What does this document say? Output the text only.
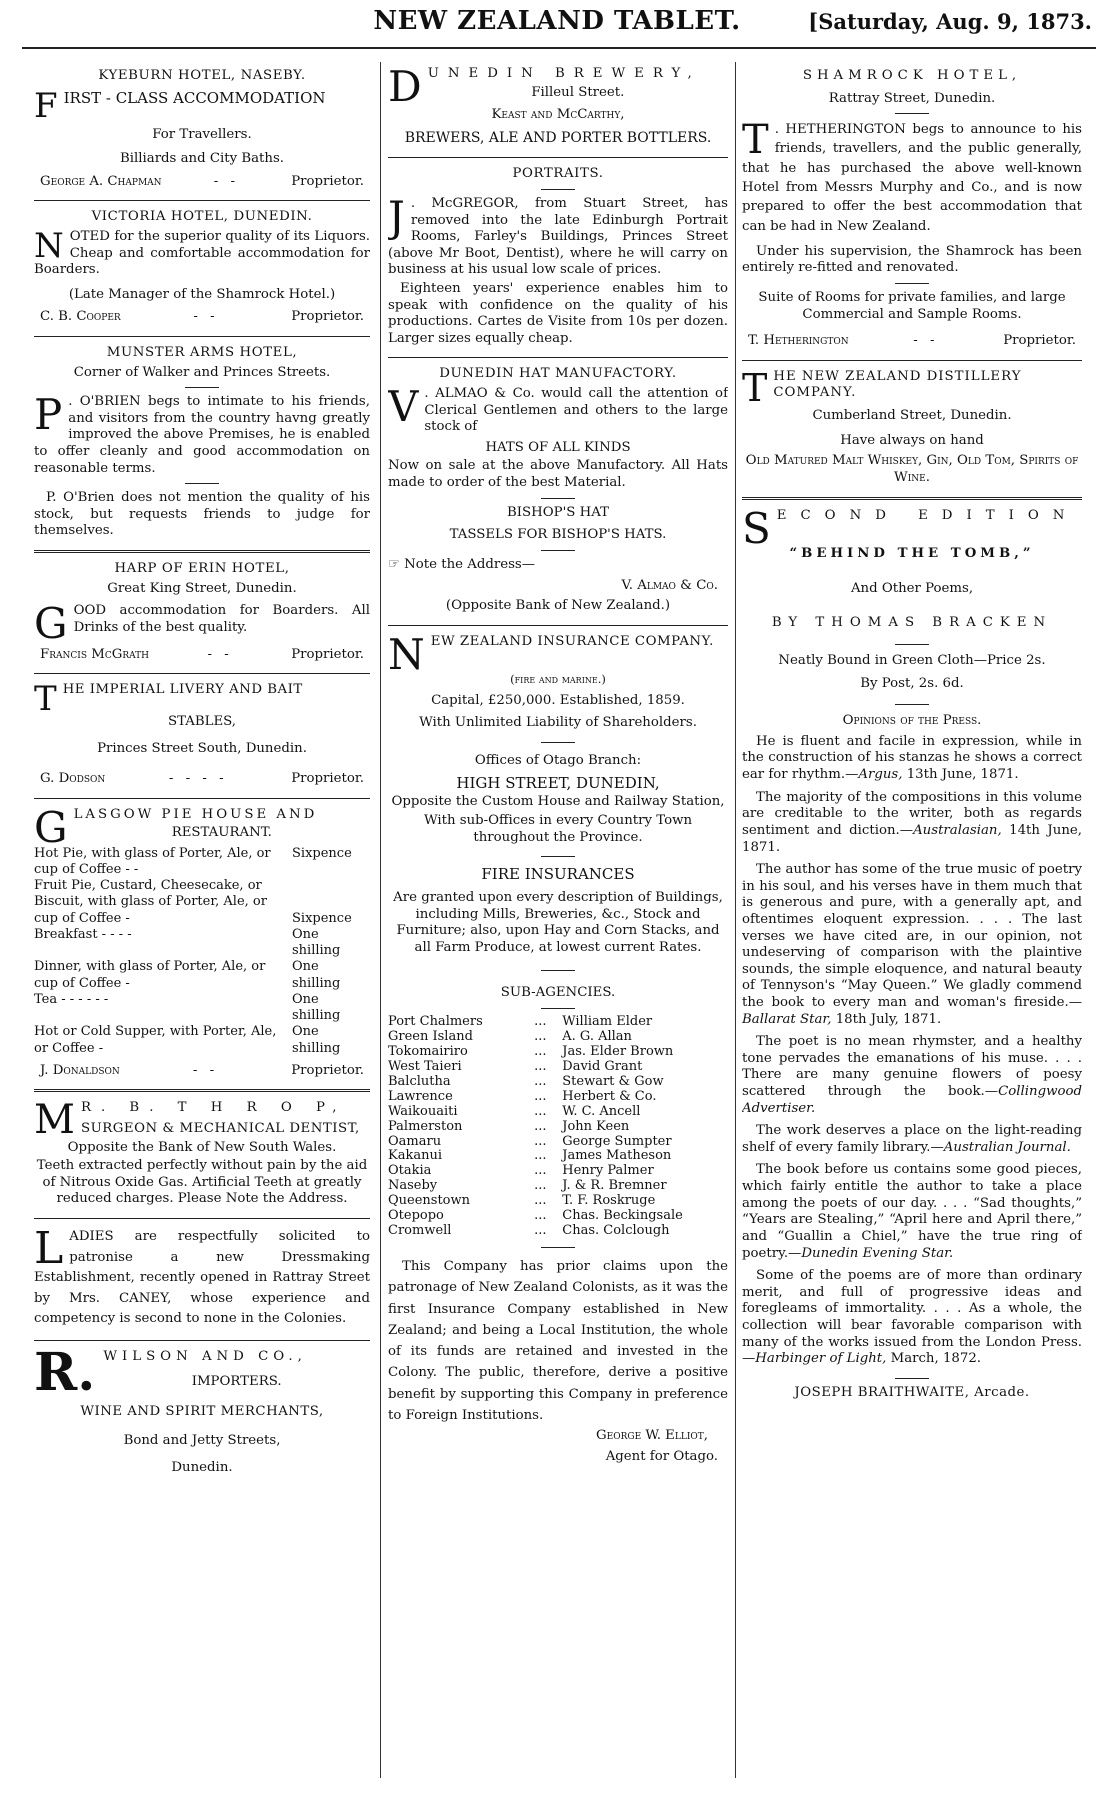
NEW ZEALAND TABLET.	[Saturday, Aug. 9, 1873.
KYEBURN HOTEL, NASEBY.
F IRST - CLASS ACCOMMODATION
For Travellers.
Billiards and City Baths.
George A. Chapman	- -	Proprietor.
VICTORIA HOTEL, DUNEDIN.
NOTED for the superior quality of its Liquors. Cheap and comfortable accommodation for Boarders.
(Late Manager of the Shamrock Hotel.)
C. B. Cooper	- -	Proprietor.
MUNSTER ARMS HOTEL,
Corner of Walker and Princes Streets.
P . O'BRIEN begs to intimate to his friends, and visitors from the country havng greatly improved the above Premises, he is enabled to offer cleanly and good accommodation on reasonable terms.
P. O'Brien does not mention the quality of his stock, but requests friends to judge for themselves.
HARP OF ERIN HOTEL,
Great King Street, Dunedin.
GOOD accommodation for Boarders. All Drinks of the best quality.
Francis McGrath	- -	Proprietor.
THE IMPERIAL LIVERY AND BAIT
STABLES,
Princes Street South, Dunedin.
G. Dodson	- - - -	Proprietor.
GLASGOW PIE HOUSE AND
RESTAURANT.
Hot Pie, with glass of Porter, Ale, or cup of Coffee - -	Sixpence
Fruit Pie, Custard, Cheesecake, or Biscuit, with glass of Porter, Ale, or cup of Coffee -	Sixpence
Breakfast - - - -	One shilling
Dinner, with glass of Porter, Ale, or cup of Coffee -	One shilling
Tea - - - - - -	One shilling
Hot or Cold Supper, with Porter, Ale, or Coffee -	One shilling
J. Donaldson	- -	Proprietor.
M R. B. T H R O P,
SURGEON & MECHANICAL DENTIST,
Opposite the Bank of New South Wales.
Teeth extracted perfectly without pain by the aid of Nitrous Oxide Gas. Artificial Teeth at greatly reduced charges. Please Note the Address.
LADIES are respectfully solicited to patronise a new Dressmaking Establishment, recently opened in Rattray Street by Mrs. CANEY, whose experience and competency is second to none in the Colonies.
R. WILSON AND CO.,
IMPORTERS.
WINE AND SPIRIT MERCHANTS,
Bond and Jetty Streets,
Dunedin.
DUNEDIN BREWERY,
Filleul Street.
Keast and McCarthy,
BREWERS, ALE AND PORTER BOTTLERS.
PORTRAITS.
J . McGREGOR, from Stuart Street, has removed into the late Edinburgh Portrait Rooms, Farley's Buildings, Princes Street (above Mr Boot, Dentist), where he will carry on business at his usual low scale of prices.
Eighteen years' experience enables him to speak with confidence on the quality of his productions. Cartes de Visite from 10s per dozen. Larger sizes equally cheap.
DUNEDIN HAT MANUFACTORY.
V . ALMAO & Co. would call the attention of Clerical Gentlemen and others to the large stock of
HATS OF ALL KINDS
Now on sale at the above Manufactory. All Hats made to order of the best Material.
BISHOP'S HAT
TASSELS FOR BISHOP'S HATS.
☞ Note the Address—
V. Almao & Co.
(Opposite Bank of New Zealand.)
NEW ZEALAND INSURANCE COMPANY.
(fire and marine.)
Capital, £250,000. Established, 1859.
With Unlimited Liability of Shareholders.
Offices of Otago Branch:
HIGH STREET, DUNEDIN,
Opposite the Custom House and Railway Station,
With sub-Offices in every Country Town throughout the Province.
FIRE INSURANCES
Are granted upon every description of Buildings, including Mills, Breweries, &c., Stock and Furniture; also, upon Hay and Corn Stacks, and all Farm Produce, at lowest current Rates.
SUB-AGENCIES.
Port Chalmers	...	William Elder
Green Island	...	A. G. Allan
Tokomairiro	...	Jas. Elder Brown
West Taieri	...	David Grant
Balclutha	...	Stewart & Gow
Lawrence	...	Herbert & Co.
Waikouaiti	...	W. C. Ancell
Palmerston	...	John Keen
Oamaru	...	George Sumpter
Kakanui	...	James Matheson
Otakia	...	Henry Palmer
Naseby	...	J. & R. Bremner
Queenstown	...	T. F. Roskruge
Otepopo	...	Chas. Beckingsale
Cromwell	...	Chas. Colclough
This Company has prior claims upon the patronage of New Zealand Colonists, as it was the first Insurance Company established in New Zealand; and being a Local Institution, the whole of its funds are retained and invested in the Colony. The public, therefore, derive a positive benefit by supporting this Company in preference to Foreign Institutions.
George W. Elliot,
Agent for Otago.
SHAMROCK HOTEL,
Rattray Street, Dunedin.
T . HETHERINGTON begs to announce to his friends, travellers, and the public generally, that he has purchased the above well-known Hotel from Messrs Murphy and Co., and is now prepared to offer the best accommodation that can be had in New Zealand.
Under his supervision, the Shamrock has been entirely re-fitted and renovated.
Suite of Rooms for private families, and large Commercial and Sample Rooms.
T. Hetherington	- -	Proprietor.
THE NEW ZEALAND DISTILLERY COMPANY.
Cumberland Street, Dunedin.
Have always on hand
Old Matured Malt Whiskey, Gin, Old Tom, Spirits of Wine.
SECOND EDITION
“BEHIND THE TOMB,”
And Other Poems,
BY THOMAS BRACKEN
Neatly Bound in Green Cloth—Price 2s.
By Post, 2s. 6d.
Opinions of the Press.
He is fluent and facile in expression, while in the construction of his stanzas he shows a correct ear for rhythm.—Argus, 13th June, 1871.
The majority of the compositions in this volume are creditable to the writer, both as regards sentiment and diction.—Australasian, 14th June, 1871.
The author has some of the true music of poetry in his soul, and his verses have in them much that is generous and pure, with a generally apt, and oftentimes eloquent expression. . . . The last verses we have cited are, in our opinion, not undeserving of comparison with the plaintive sounds, the simple eloquence, and natural beauty of Tennyson's “May Queen.” We gladly commend the book to every man and woman's fireside.—Ballarat Star, 18th July, 1871.
The poet is no mean rhymster, and a healthy tone pervades the emanations of his muse. . . . There are many genuine flowers of poesy scattered through the book.—Collingwood Advertiser.
The work deserves a place on the light-reading shelf of every family library.—Australian Journal.
The book before us contains some good pieces, which fairly entitle the author to take a place among the poets of our day. . . . “Sad thoughts,” “Years are Stealing,” “April here and April there,” and “Guallin a Chiel,” have the true ring of poetry.—Dunedin Evening Star.
Some of the poems are of more than ordinary merit, and full of progressive ideas and foregleams of immortality. . . . As a whole, the collection will bear favorable comparison with many of the works issued from the London Press.—Harbinger of Light, March, 1872.
JOSEPH BRAITHWAITE, Arcade.
